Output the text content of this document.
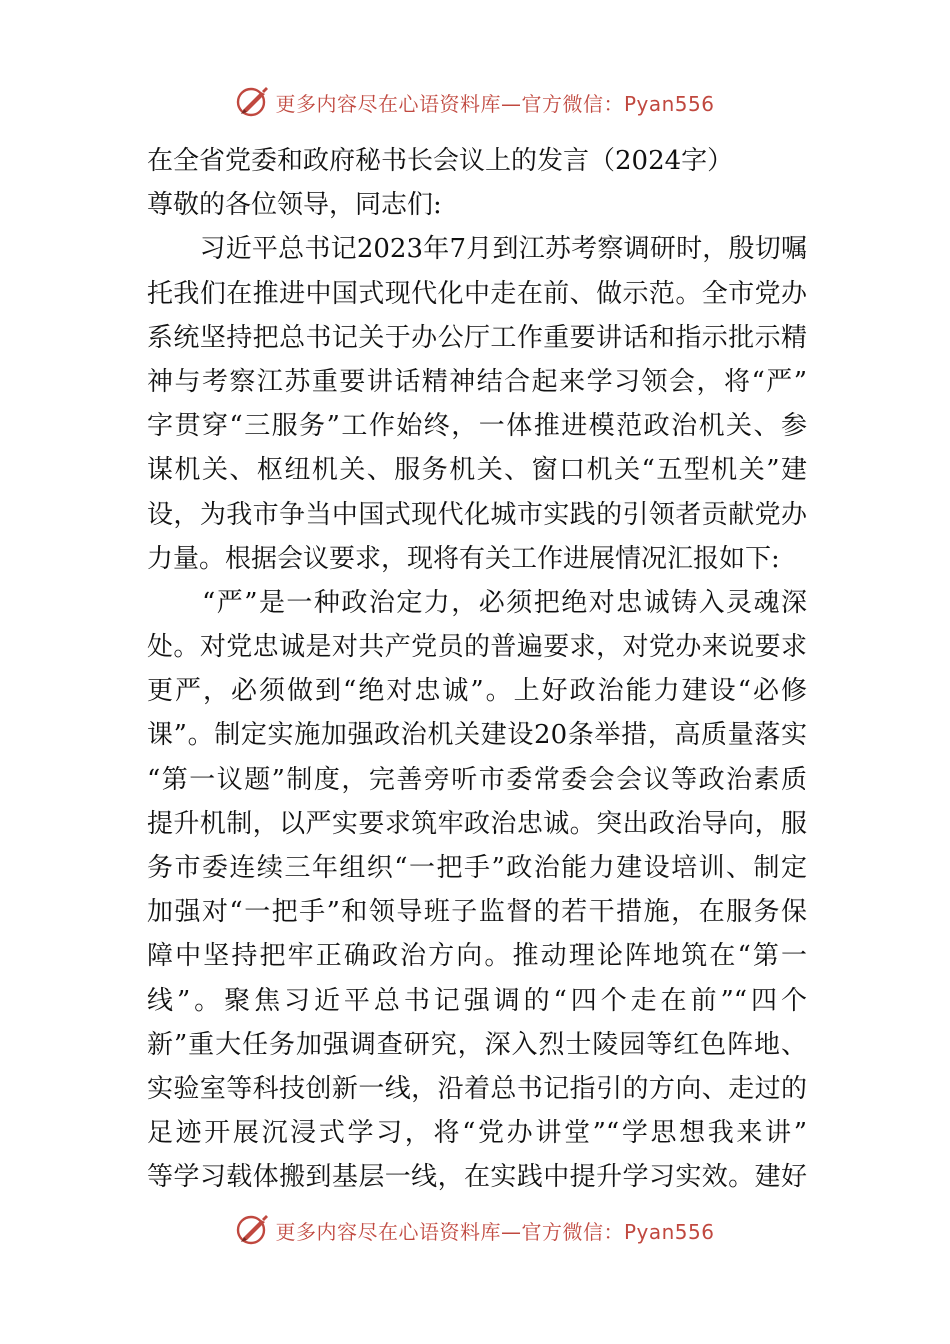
更多内容尽在心语资料库—官方微信：Pyan556
在全省党委和政府秘书长会议上的发言（2024字）
尊敬的各位领导，同志们:
　　习近平总书记2023年7月到江苏考察调研时，殷切嘱
托我们在推进中国式现代化中走在前、做示范。全市党办
系统坚持把总书记关于办公厅工作重要讲话和指示批示精
神与考察江苏重要讲话精神结合起来学习领会，将“严”
字贯穿“三服务”工作始终，一体推进模范政治机关、参
谋机关、枢纽机关、服务机关、窗口机关“五型机关”建
设，为我市争当中国式现代化城市实践的引领者贡献党办
力量。根据会议要求，现将有关工作进展情况汇报如下:
　　“严”是一种政治定力，必须把绝对忠诚铸入灵魂深
处。对党忠诚是对共产党员的普遍要求，对党办来说要求
更严，必须做到“绝对忠诚”。上好政治能力建设“必修
课”。制定实施加强政治机关建设20条举措，高质量落实
“第一议题”制度，完善旁听市委常委会会议等政治素质
提升机制，以严实要求筑牢政治忠诚。突出政治导向，服
务市委连续三年组织“一把手”政治能力建设培训、制定
加强对“一把手”和领导班子监督的若干措施，在服务保
障中坚持把牢正确政治方向。推动理论阵地筑在“第一
线”。聚焦习近平总书记强调的“四个走在前”“四个
新”重大任务加强调查研究，深入烈士陵园等红色阵地、
实验室等科技创新一线，沿着总书记指引的方向、走过的
足迹开展沉浸式学习，将“党办讲堂”“学思想我来讲”
等学习载体搬到基层一线，在实践中提升学习实效。建好
更多内容尽在心语资料库—官方微信：Pyan556
